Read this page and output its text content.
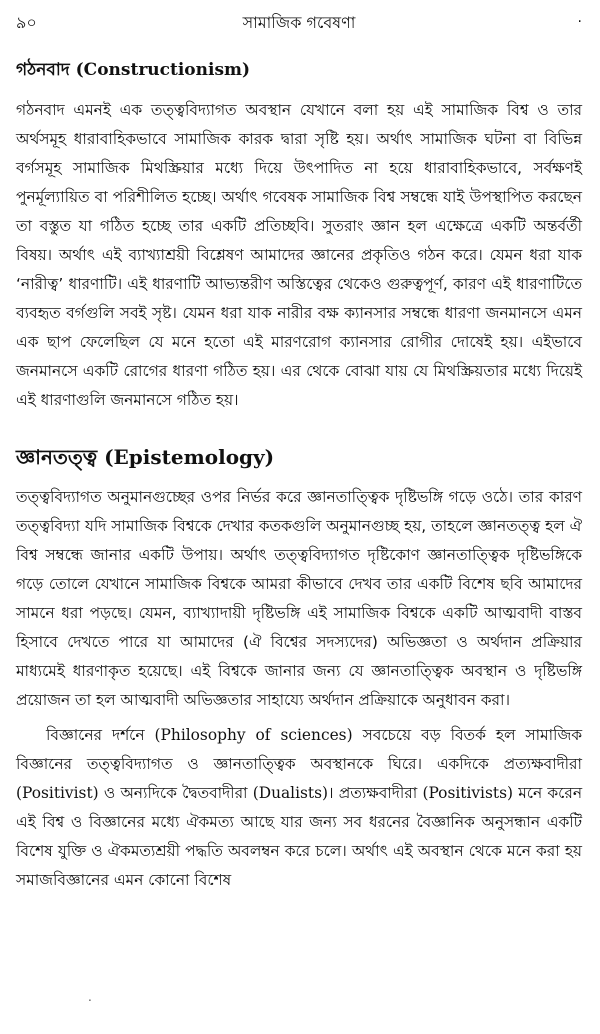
৯০	সামাজিক গবেষণা	.
গঠনবাদ (Constructionism)

গঠনবাদ এমনই এক তত্ত্ববিদ্যাগত অবস্থান যেখানে বলা হয় এই সামাজিক বিশ্ব ও তার অর্থসমূহ ধারাবাহিকভাবে সামাজিক কারক দ্বারা সৃষ্টি হয়। অর্থাৎ সামাজিক ঘটনা বা বিভিন্ন বর্গসমূহ সামাজিক মিথস্ক্রিয়ার মধ্যে দিয়ে উৎপাদিত না হয়ে ধারাবাহিকভাবে, সর্বক্ষণই পুনর্মূল্যায়িত বা পরিশীলিত হচ্ছে। অর্থাৎ গবেষক সামাজিক বিশ্ব সম্বন্ধে যাই উপস্থাপিত করছেন তা বস্তুত যা গঠিত হচ্ছে তার একটি প্রতিচ্ছবি। সুতরাং জ্ঞান হল এক্ষেত্রে একটি অন্তর্বর্তী বিষয়। অর্থাৎ এই ব্যাখ্যাশ্রয়ী বিশ্লেষণ আমাদের জ্ঞানের প্রকৃতিও গঠন করে। যেমন ধরা যাক ‘নারীত্ব’ ধারণাটি। এই ধারণাটি আভ্যন্তরীণ অস্তিত্বের থেকেও গুরুত্বপূর্ণ, কারণ এই ধারণাটিতে ব্যবহৃত বর্গগুলি সবই সৃষ্ট। যেমন ধরা যাক নারীর বক্ষ ক্যানসার সম্বন্ধে ধারণা জনমানসে এমন এক ছাপ ফেলেছিল যে মনে হতো এই মারণরোগ ক্যানসার রোগীর দোষেই হয়। এইভাবে জনমানসে একটি রোগের ধারণা গঠিত হয়। এর থেকে বোঝা যায় যে মিথস্ক্রিয়তার মধ্যে দিয়েই এই ধারণাগুলি জনমানসে গঠিত হয়।

জ্ঞানতত্ত্ব (Epistemology)

তত্ত্ববিদ্যাগত অনুমানগুচ্ছের ওপর নির্ভর করে জ্ঞানতাত্ত্বিক দৃষ্টিভঙ্গি গড়ে ওঠে। তার কারণ তত্ত্ববিদ্যা যদি সামাজিক বিশ্বকে দেখার কতকগুলি অনুমানগুচ্ছ হয়, তাহলে জ্ঞানতত্ত্ব হল ঐ বিশ্ব সম্বন্ধে জানার একটি উপায়। অর্থাৎ তত্ত্ববিদ্যাগত দৃষ্টিকোণ জ্ঞানতাত্ত্বিক দৃষ্টিভঙ্গিকে গড়ে তোলে যেখানে সামাজিক বিশ্বকে আমরা কীভাবে দেখব তার একটি বিশেষ ছবি আমাদের সামনে ধরা পড়ছে। যেমন, ব্যাখ্যাদায়ী দৃষ্টিভঙ্গি এই সামাজিক বিশ্বকে একটি আত্মবাদী বাস্তব হিসাবে দেখতে পারে যা আমাদের (ঐ বিশ্বের সদস্যদের) অভিজ্ঞতা ও অর্থদান প্রক্রিয়ার মাধ্যমেই ধারণাকৃত হয়েছে। এই বিশ্বকে জানার জন্য যে জ্ঞানতাত্ত্বিক অবস্থান ও দৃষ্টিভঙ্গি প্রয়োজন তা হল আত্মবাদী অভিজ্ঞতার সাহায্যে অর্থদান প্রক্রিয়াকে অনুধাবন করা।

বিজ্ঞানের দর্শনে (Philosophy of sciences) সবচেয়ে বড় বিতর্ক হল সামাজিক বিজ্ঞানের তত্ত্ববিদ্যাগত ও জ্ঞানতাত্ত্বিক অবস্থানকে ঘিরে। একদিকে প্রত্যক্ষবাদীরা (Positivist) ও অন্যদিকে দ্বৈতবাদীরা (Dualists)। প্রত্যক্ষবাদীরা (Positivists) মনে করেন এই বিশ্ব ও বিজ্ঞানের মধ্যে ঐকমত্য আছে যার জন্য সব ধরনের বৈজ্ঞানিক অনুসন্ধান একটি বিশেষ যুক্তি ও ঐকমত্যশ্রয়ী পদ্ধতি অবলম্বন করে চলে। অর্থাৎ এই অবস্থান থেকে মনে করা হয় সমাজবিজ্ঞানের এমন কোনো বিশেষ

.
